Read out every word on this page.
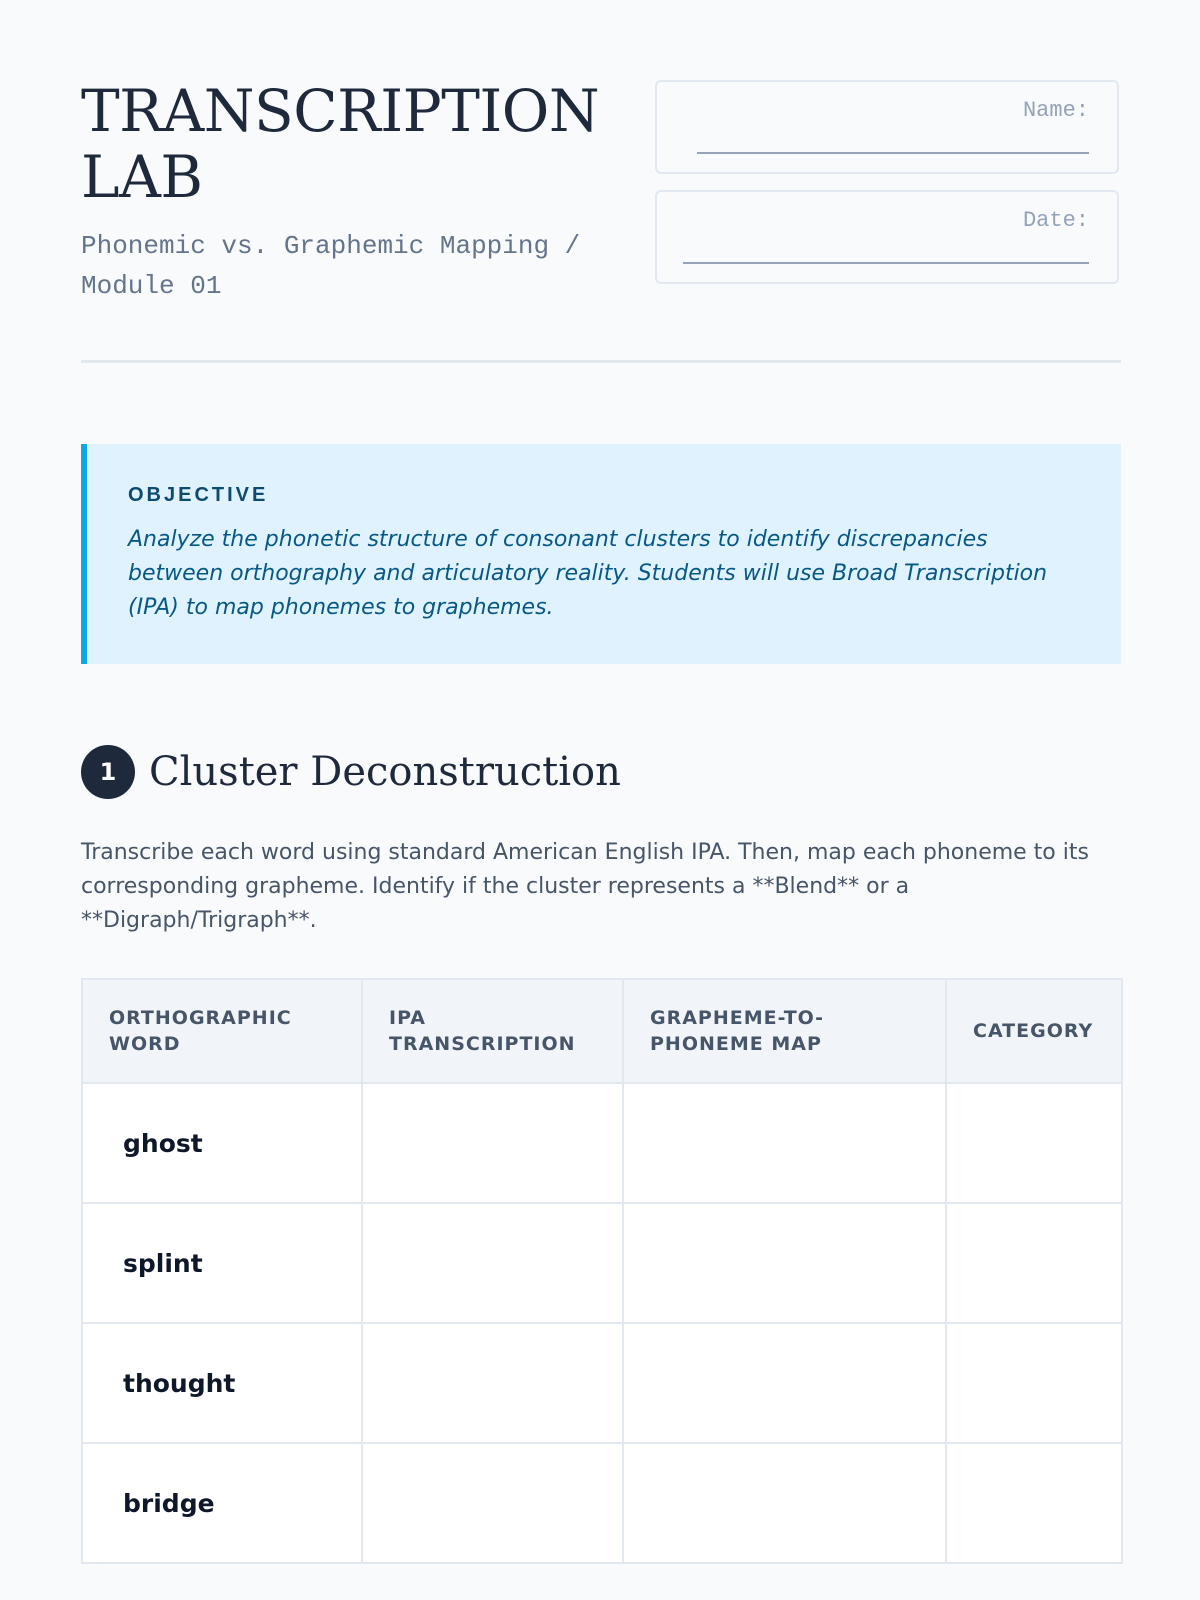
TRANSCRIPTION LAB

Phonemic vs. Graphemic Mapping / Module 01

Name:
Date:

OBJECTIVE

Analyze the phonetic structure of consonant clusters to identify discrepancies between orthography and articulatory reality. Students will use Broad Transcription (IPA) to map phonemes to graphemes.

1 Cluster Deconstruction

Transcribe each word using standard American English IPA. Then, map each phoneme to its corresponding grapheme. Identify if the cluster represents a **Blend** or a **Digraph/Trigraph**.

ORTHOGRAPHIC WORD	IPA TRANSCRIPTION	GRAPHEME-TO-PHONEME MAP	CATEGORY
ghost			
splint			
thought			
bridge			
